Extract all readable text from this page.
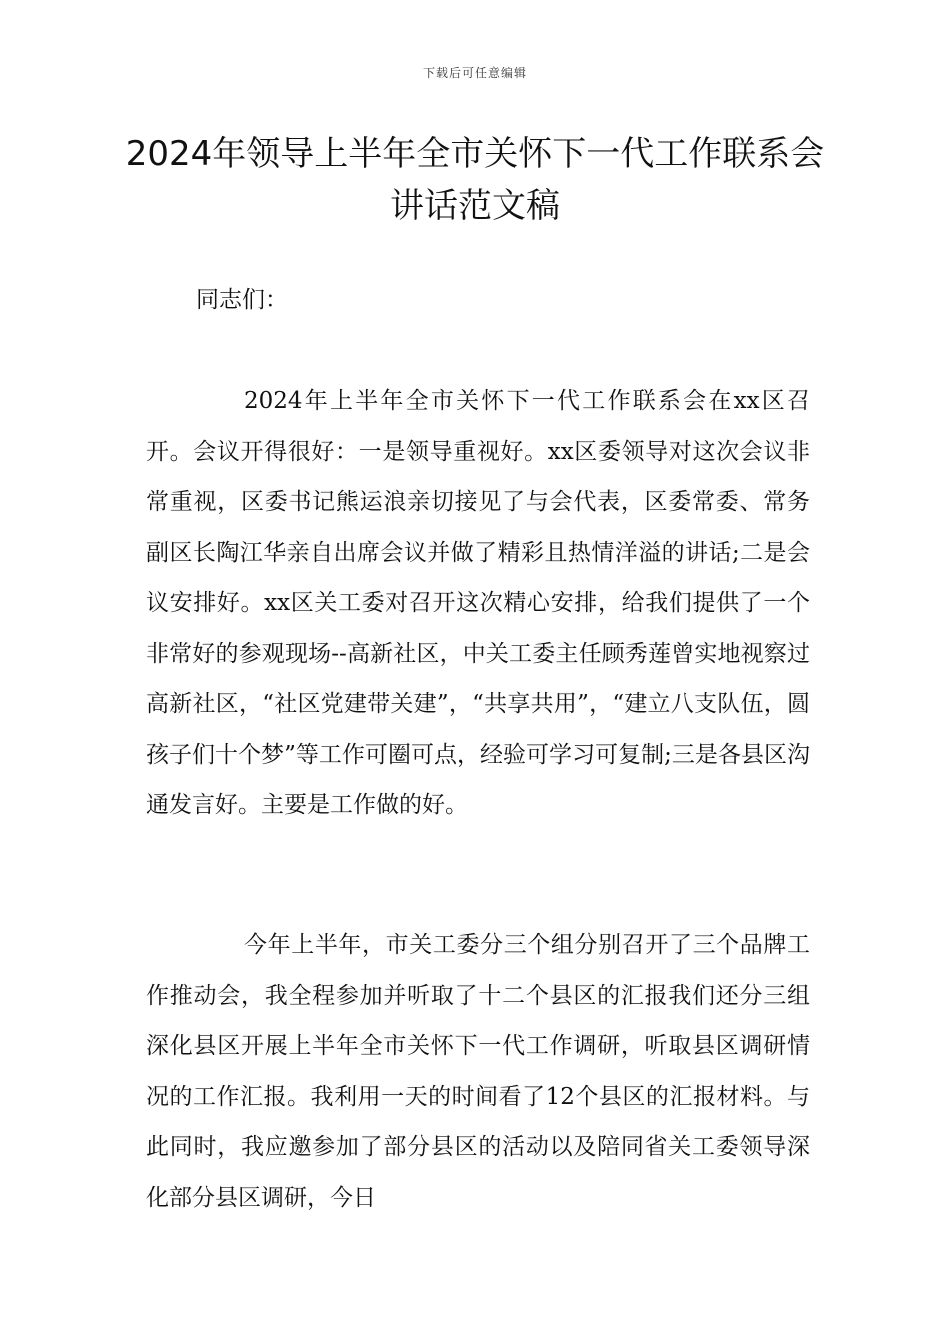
下载后可任意编辑
2024年领导上半年全市关怀下一代工作联系会讲话范文稿

同志们：

2024年上半年全市关怀下一代工作联系会在xx区召开。会议开得很好：一是领导重视好。xx区委领导对这次会议非常重视，区委书记熊运浪亲切接见了与会代表，区委常委、常务副区长陶江华亲自出席会议并做了精彩且热情洋溢的讲话;二是会议安排好。xx区关工委对召开这次精心安排，给我们提供了一个非常好的参观现场--高新社区，中关工委主任顾秀莲曾实地视察过高新社区，“社区党建带关建”，“共享共用”，“建立八支队伍，圆孩子们十个梦”等工作可圈可点，经验可学习可复制;三是各县区沟通发言好。主要是工作做的好。

今年上半年，市关工委分三个组分别召开了三个品牌工作推动会，我全程参加并听取了十二个县区的汇报我们还分三组深化县区开展上半年全市关怀下一代工作调研，听取县区调研情况的工作汇报。我利用一天的时间看了12个县区的汇报材料。与此同时，我应邀参加了部分县区的活动以及陪同省关工委领导深化部分县区调研，今日
